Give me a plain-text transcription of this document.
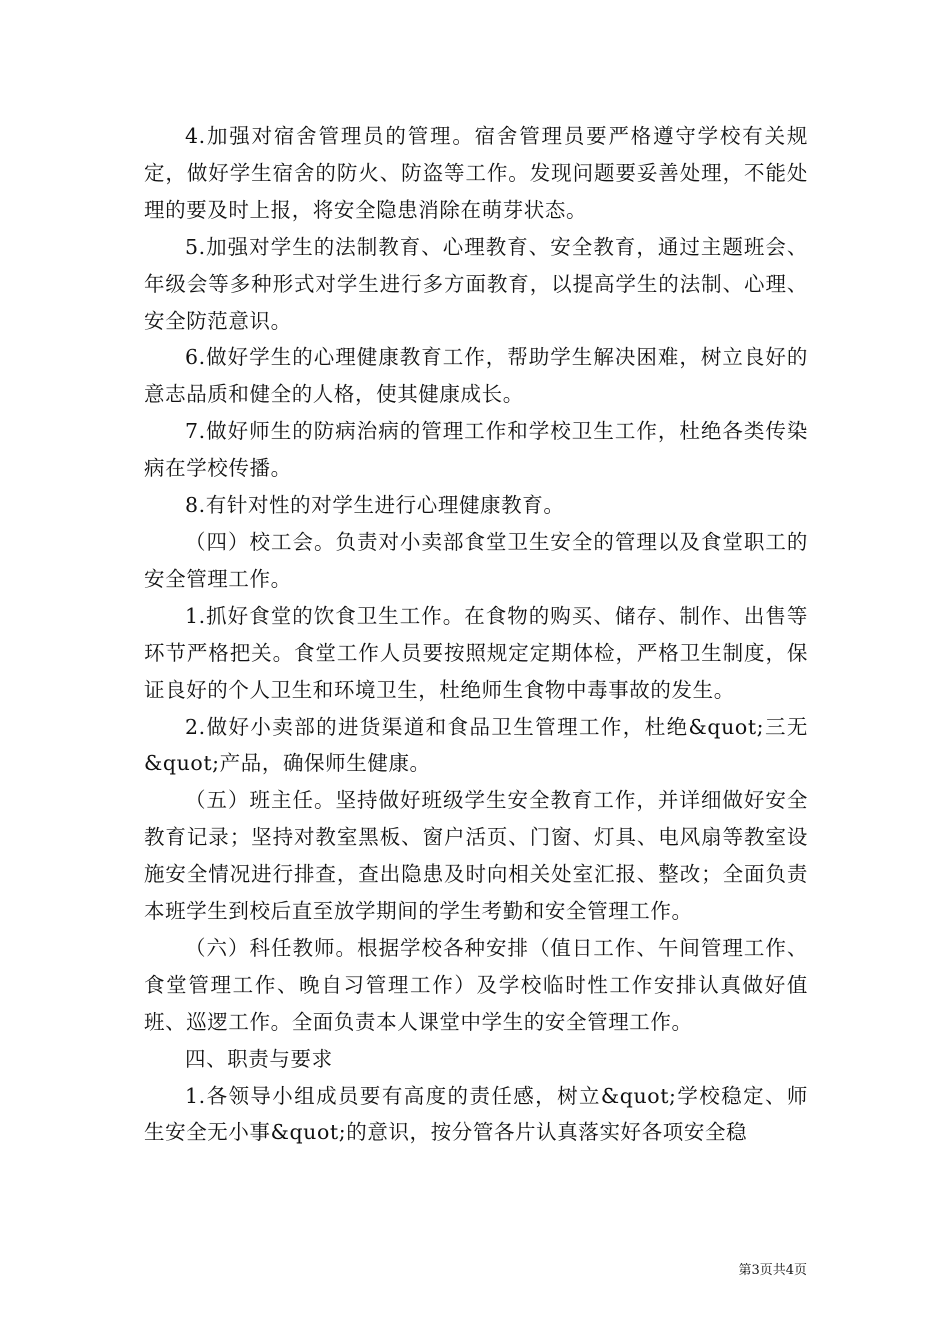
4.加强对宿舍管理员的管理。宿舍管理员要严格遵守学校有关规定，做好学生宿舍的防火、防盗等工作。发现问题要妥善处理，不能处理的要及时上报，将安全隐患消除在萌芽状态。

5.加强对学生的法制教育、心理教育、安全教育，通过主题班会、年级会等多种形式对学生进行多方面教育，以提高学生的法制、心理、安全防范意识。

6.做好学生的心理健康教育工作，帮助学生解决困难，树立良好的意志品质和健全的人格，使其健康成长。

7.做好师生的防病治病的管理工作和学校卫生工作，杜绝各类传染病在学校传播。

8.有针对性的对学生进行心理健康教育。

（四）校工会。负责对小卖部食堂卫生安全的管理以及食堂职工的安全管理工作。

1.抓好食堂的饮食卫生工作。在食物的购买、储存、制作、出售等环节严格把关。食堂工作人员要按照规定定期体检，严格卫生制度，保证良好的个人卫生和环境卫生，杜绝师生食物中毒事故的发生。

2.做好小卖部的进货渠道和食品卫生管理工作，杜绝&quot;三无&quot;产品，确保师生健康。

（五）班主任。坚持做好班级学生安全教育工作，并详细做好安全教育记录；坚持对教室黑板、窗户活页、门窗、灯具、电风扇等教室设施安全情况进行排查，查出隐患及时向相关处室汇报、整改；全面负责本班学生到校后直至放学期间的学生考勤和安全管理工作。

（六）科任教师。根据学校各种安排（值日工作、午间管理工作、食堂管理工作、晚自习管理工作）及学校临时性工作安排认真做好值班、巡逻工作。全面负责本人课堂中学生的安全管理工作。

四、职责与要求

1.各领导小组成员要有高度的责任感，树立&quot;学校稳定、师生安全无小事&quot;的意识，按分管各片认真落实好各项安全稳

第3页共4页
